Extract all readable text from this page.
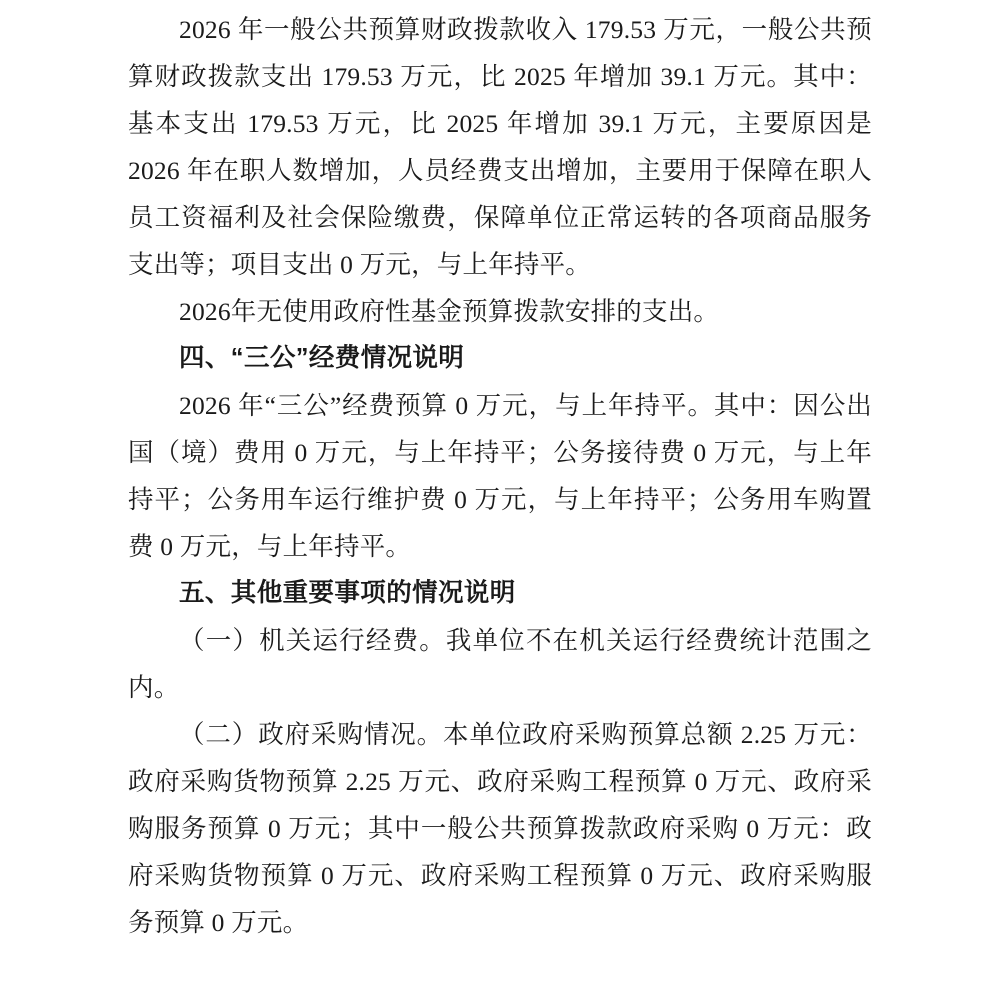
2026 年一般公共预算财政拨款收入 179.53 万元，一般公共预算财政拨款支出 179.53 万元，比 2025 年增加 39.1 万元。其中：基本支出 179.53 万元，比 2025 年增加 39.1 万元，主要原因是 2026 年在职人数增加，人员经费支出增加，主要用于保障在职人员工资福利及社会保险缴费，保障单位正常运转的各项商品服务支出等；项目支出 0 万元，与上年持平。

2026年无使用政府性基金预算拨款安排的支出。

四、“三公”经费情况说明

2026 年“三公”经费预算 0 万元，与上年持平。其中：因公出国（境）费用 0 万元，与上年持平；公务接待费 0 万元，与上年持平；公务用车运行维护费 0 万元，与上年持平；公务用车购置费 0 万元，与上年持平。

五、其他重要事项的情况说明

（一）机关运行经费。我单位不在机关运行经费统计范围之内。

（二）政府采购情况。本单位政府采购预算总额 2.25 万元：政府采购货物预算 2.25 万元、政府采购工程预算 0 万元、政府采购服务预算 0 万元；其中一般公共预算拨款政府采购 0 万元：政府采购货物预算 0 万元、政府采购工程预算 0 万元、政府采购服务预算 0 万元。
